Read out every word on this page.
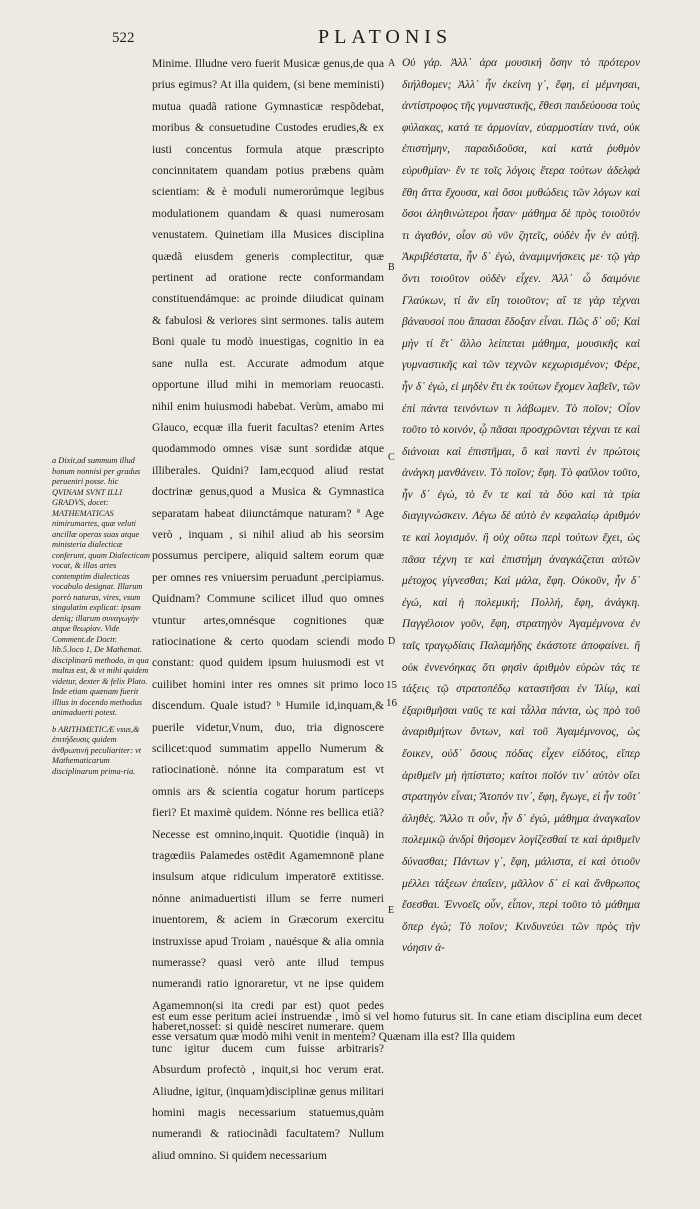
522	PLATONIS

a Dixit,ad summum illud bonum nonnisi per gradus perueniri posse. hic QVINAM SVNT ILLI GRADVS, docet: MATHEMATICAS nimirumartes, quæ veluti ancillæ operas suas atque ministeria dialecticæ conferunt, quam Dialecticam vocat, & illas artes contemptim dialecticas vocabulo designat. Illarum porrò naturas, vires, vsum singulatim explicat: ipsam deniq; illarum συναγωγὴν atque θεωρίαν. Vide Comment.de Doctr. lib.5.loco 1, De Mathemat. disciplinarũ methodo, in qua multus est, & vt mihi quidem videtur, dexter & felix Plato. Inde etiam quænam fuerit illius in docendo methodus animaduerti potest.

b ARITHMETICÆ vsus,& ἐπιτήδευσις quidem ἀνθρωπινὴ peculiariter: vt Mathematicarum disciplinarum prima-ria.

Minime. Illudne vero fuerit Musicæ genus,de qua prius egimus? At illa quidem, (si bene meministi) mutua quadã ratione Gymnasticæ respõdebat, moribus & consuetudine Custodes erudies,& ex iusti concentus formula atque præscripto concinnitatem quandam potius præbens quàm scientiam: & è moduli numerorúmque legibus modulationem quandam & quasi numerosam venustatem. Quinetiam illa Musices disciplina quædã eiusdem generis complectitur, quæ pertinent ad oratione recte conformandam constituendámque: ac proinde diiudicat quinam & fabulosi & veriores sint sermones. talis autem Boni quale tu modò inuestigas, cognitio in ea sane nulla est. Accurate admodum atque opportune illud mihi in memoriam reuocasti. nihil enim huiusmodi habebat. Verùm, amabo mi Glauco, ecquæ illa fuerit facultas? etenim Artes quodammodo omnes visæ sunt sordidæ atque illiberales. Quidni? Iam,ecquod aliud restat doctrinæ genus,quod a Musica & Gymnastica separatam habeat diiunctámque naturam? ª Age verò , inquam , si nihil aliud ab his seorsim possumus percipere, aliquid saltem eorum quæ per omnes res vniuersim peruadunt ,percipiamus. Quidnam? Commune scilicet illud quo omnes vtuntur artes,omnésque cognitiones quæ ratiocinatione & certo quodam sciendi modo constant: quod quidem ipsum huiusmodi est vt cuilibet homini inter res omnes sit primo loco discendum. Quale istud? ᵇ Humile id,inquam,& puerile videtur,Vnum, duo, tria dignoscere scilicet:quod summatim appello Numerum & ratiocinationè. nónne ita comparatum est vt omnis ars & scientia cogatur horum particeps fieri? Et maximè quidem. Nónne res bellica etiã? Necesse est omnino,inquit. Quotidie (inquã) in tragœdiis Palamedes ostēdit Agamemnonē plane insulsum atque ridiculum imperatorē extitisse. nónne animaduertisti illum se ferre numeri inuentorem, & aciem in Græcorum exercitu instruxisse apud Troiam , nauésque & alia omnia numerasse? quasi verò ante illud tempus numerandi ratio ignoraretur, vt ne ipse quidem Agamemnon(si ita credi par est) quot pedes haberet,nosset: si quidè nesciret numerare. quem tunc igitur ducem cum fuisse arbitraris? Absurdum profectò , inquit,si hoc verum erat. Aliudne, igitur, (inquam)disciplinæ genus militari homini magis necessarium statuemus,quàm numerandi & ratiocinãdi facultatem? Nullum aliud omnino. Si quidem necessarium

A
B
C
D
E
15 16

Οὐ γάρ. Ἀλλ᾽ ἀρα μουσική ὅσην τὸ πρότερον διήλθομεν; Ἀλλ᾽ ἦν ἐκείνη γ᾽, ἔφη, εἰ μέμνησαι, ἀντίστροφος τῆς γυμναστικῆς, ἔθεσι παιδεύουσα τοὺς φύλακας, κατά τε ἁρμονίαν, εὐαρμοστίαν τινά, οὐκ ἐπιστήμην, παραδιδοῦσα, καὶ κατὰ ῥυθμὸν εὐρυθμίαν· ἔν τε τοῖς λόγοις ἕτερα τούτων ἀδελφὰ ἔθη ἄττα ἔχουσα, καὶ ὅσοι μυθώδεις τῶν λόγων καὶ ὅσοι ἀληθινώτεροι ἦσαν· μάθημα δὲ πρὸς τοιοῦτόν τι ἀγαθόν, οἷον σὺ νῦν ζητεῖς, οὐδὲν ἦν ἐν αὐτῇ. Ἀκριβέστατα, ἦν δ᾽ ἐγώ, ἀναμιμνήσκεις με· τῷ γὰρ ὄντι τοιοῦτον οὐδὲν εἶχεν. Ἀλλ᾽ ὦ δαιμόνιε Γλαύκων, τί ἂν εἴη τοιοῦτον; αἵ τε γὰρ τέχναι βάναυσοί που ἅπασαι ἔδοξαν εἶναι. Πῶς δ᾽ οὔ; Καὶ μὴν τί ἔτ᾽ ἄλλο λείπεται μάθημα, μουσικῆς καὶ γυμναστικῆς καὶ τῶν τεχνῶν κεχωρισμένον; Φέρε, ἦν δ᾽ ἐγώ, εἰ μηδὲν ἔτι ἐκ τούτων ἔχομεν λαβεῖν, τῶν ἐπὶ πάντα τεινόντων τι λάβωμεν. Τὸ ποῖον; Οἷον τοῦτο τὸ κοινόν, ᾧ πᾶσαι προσχρῶνται τέχναι τε καὶ διάνοιαι καὶ ἐπιστῆμαι, ὃ καὶ παντὶ ἐν πρώτοις ἀνάγκη μανθάνειν. Τὸ ποῖον; ἔφη. Τὸ φαῦλον τοῦτο, ἦν δ᾽ ἐγώ, τὸ ἕν τε καὶ τὰ δύο καὶ τὰ τρία διαγιγνώσκειν. Λέγω δὲ αὐτὸ ἐν κεφαλαίῳ ἀριθμόν τε καὶ λογισμόν. ἢ οὐχ οὕτω περὶ τούτων ἔχει, ὡς πᾶσα τέχνη τε καὶ ἐπιστήμη ἀναγκάζεται αὐτῶν μέτοχος γίγνεσθαι; Καὶ μάλα, ἔφη. Οὐκοῦν, ἦν δ᾽ ἐγώ, καὶ ἡ πολεμική; Πολλή, ἔφη, ἀνάγκη. Παγγέλοιον γοῦν, ἔφη, στρατηγὸν Ἀγαμέμνονα ἐν ταῖς τραγῳδίαις Παλαμήδης ἑκάστοτε ἀποφαίνει. ἢ οὐκ ἐννενόηκας ὅτι φησὶν ἀριθμὸν εὑρὼν τάς τε τάξεις τῷ στρατοπέδῳ καταστῆσαι ἐν Ἰλίῳ, καὶ ἐξαριθμῆσαι ναῦς τε καὶ τἆλλα πάντα, ὡς πρὸ τοῦ ἀναριθμήτων ὄντων, καὶ τοῦ Ἀγαμέμνονος, ὡς ἔοικεν, οὐδ᾽ ὅσους πόδας εἶχεν εἰδότος, εἴπερ ἀριθμεῖν μὴ ἠπίστατο; καίτοι ποῖόν τιν᾽ αὐτὸν οἴει στρατηγὸν εἶναι; Ἄτοπόν τιν᾽, ἔφη, ἔγωγε, εἰ ἦν τοῦτ᾽ ἀληθές. Ἄλλο τι οὖν, ἦν δ᾽ ἐγώ, μάθημα ἀναγκαῖον πολεμικῷ ἀνδρὶ θήσομεν λογίζεσθαί τε καὶ ἀριθμεῖν δύνασθαι; Πάντων γ᾽, ἔφη, μάλιστα, εἰ καὶ ὁτιοῦν μέλλει τάξεων ἐπαΐειν, μᾶλλον δ᾽ εἰ καὶ ἄνθρωπος ἔσεσθαι. Ἐννοεῖς οὖν, εἶπον, περὶ τοῦτο τὸ μάθημα ὅπερ ἐγώ; Τὸ ποῖον; Κινδυνεύει τῶν πρὸς τὴν νόησιν ἀ-

est eum esse peritum aciei instruendæ , imò si vel homo futurus sit. In cane etiam disciplina eum decet esse versatum quæ modò mihi venit in mentem? Quænam illa est? Illa quidem
